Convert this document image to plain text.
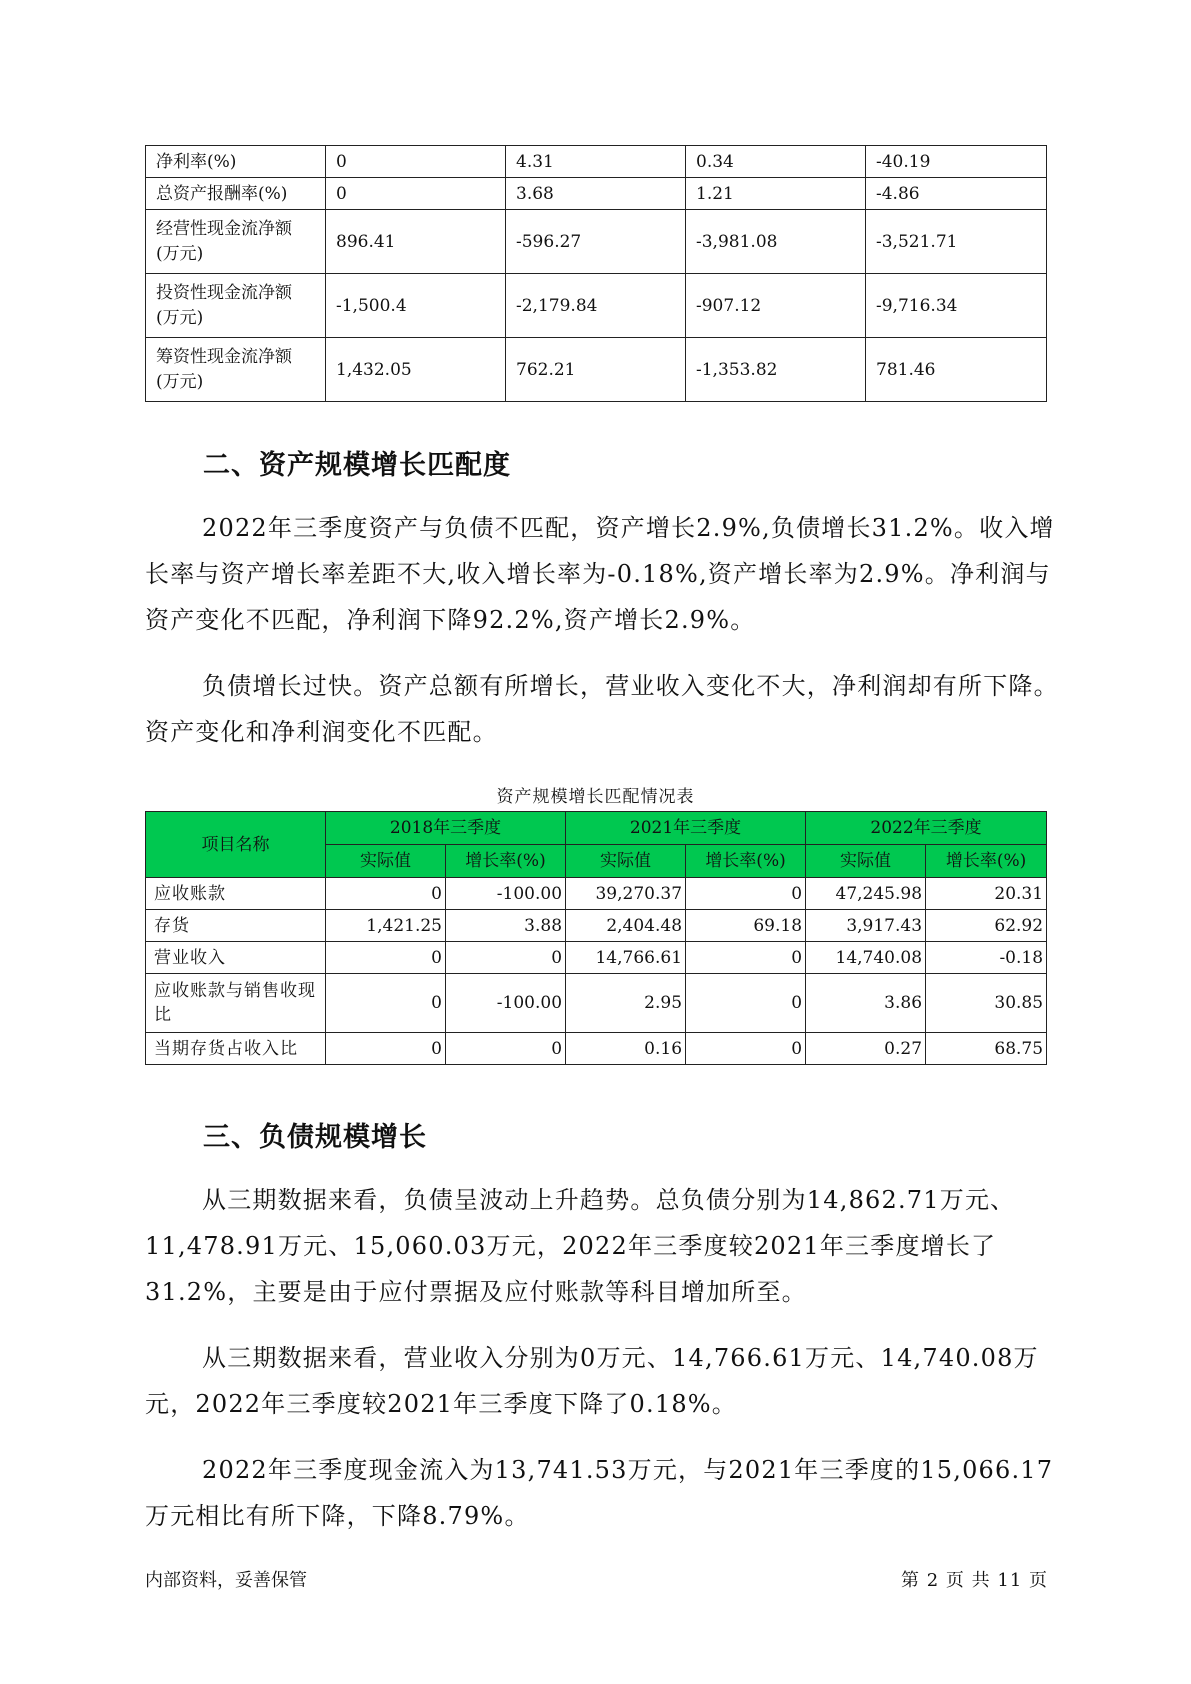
净利率(%)	0	4.31	0.34	-40.19
总资产报酬率(%)	0	3.68	1.21	-4.86
经营性现金流净额(万元)	896.41	-596.27	-3,981.08	-3,521.71
投资性现金流净额(万元)	-1,500.4	-2,179.84	-907.12	-9,716.34
筹资性现金流净额(万元)	1,432.05	762.21	-1,353.82	781.46
二、资产规模增长匹配度

2022年三季度资产与负债不匹配，资产增长2.9%,负债增长31.2%。收入增长率与资产增长率差距不大,收入增长率为-0.18%,资产增长率为2.9%。净利润与资产变化不匹配，净利润下降92.2%,资产增长2.9%。

负债增长过快。资产总额有所增长，营业收入变化不大，净利润却有所下降。资产变化和净利润变化不匹配。

资产规模增长匹配情况表
项目名称	2018年三季度		2021年三季度		2022年三季度	
	实际值	增长率(%)	实际值	增长率(%)	实际值	增长率(%)
应收账款	0	-100.00	39,270.37	0	47,245.98	20.31
存货	1,421.25	3.88	2,404.48	69.18	3,917.43	62.92
营业收入	0	0	14,766.61	0	14,740.08	-0.18
应收账款与销售收现比	0	-100.00	2.95	0	3.86	30.85
当期存货占收入比	0	0	0.16	0	0.27	68.75
三、负债规模增长

从三期数据来看，负债呈波动上升趋势。总负债分别为14,862.71万元、11,478.91万元、15,060.03万元，2022年三季度较2021年三季度增长了31.2%，主要是由于应付票据及应付账款等科目增加所至。

从三期数据来看，营业收入分别为0万元、14,766.61万元、14,740.08万元，2022年三季度较2021年三季度下降了0.18%。

2022年三季度现金流入为13,741.53万元，与2021年三季度的15,066.17万元相比有所下降，下降8.79%。

内部资料，妥善保管	第 2 页 共 11 页
